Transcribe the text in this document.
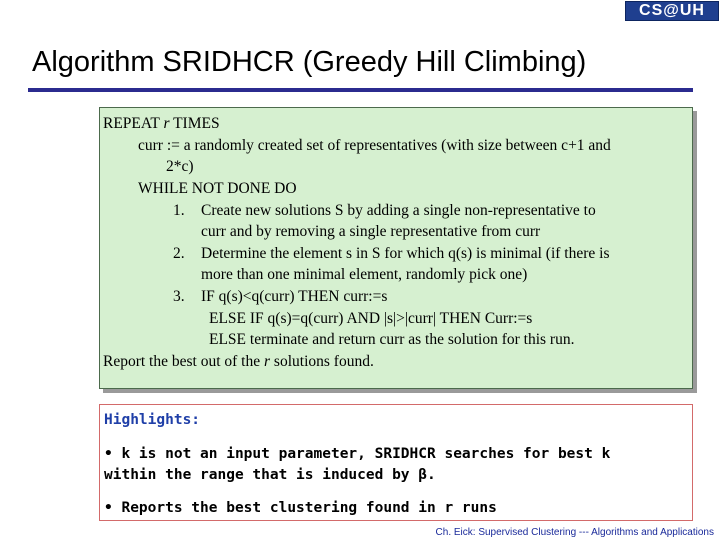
CS@UH
Algorithm SRIDHCR (Greedy Hill Climbing)
REPEAT r TIMES
curr := a randomly created set of representatives (with size between c+1 and
2*c)
WHILE NOT DONE DO
1. Create new solutions S by adding a single non-representative to
curr and by removing a single representative from curr
2. Determine the element s in S for which q(s) is minimal (if there is
more than one minimal element, randomly pick one)
3. IF q(s)<q(curr) THEN curr:=s
ELSE IF q(s)=q(curr) AND |s|>|curr| THEN Curr:=s
ELSE terminate and return curr as the solution for this run.
Report the best out of the r solutions found.
Highlights:
• k is not an input parameter, SRIDHCR searches for best k
within the range that is induced by β.
• Reports the best clustering found in r runs
Ch. Eick: Supervised Clustering --- Algorithms and Applications
